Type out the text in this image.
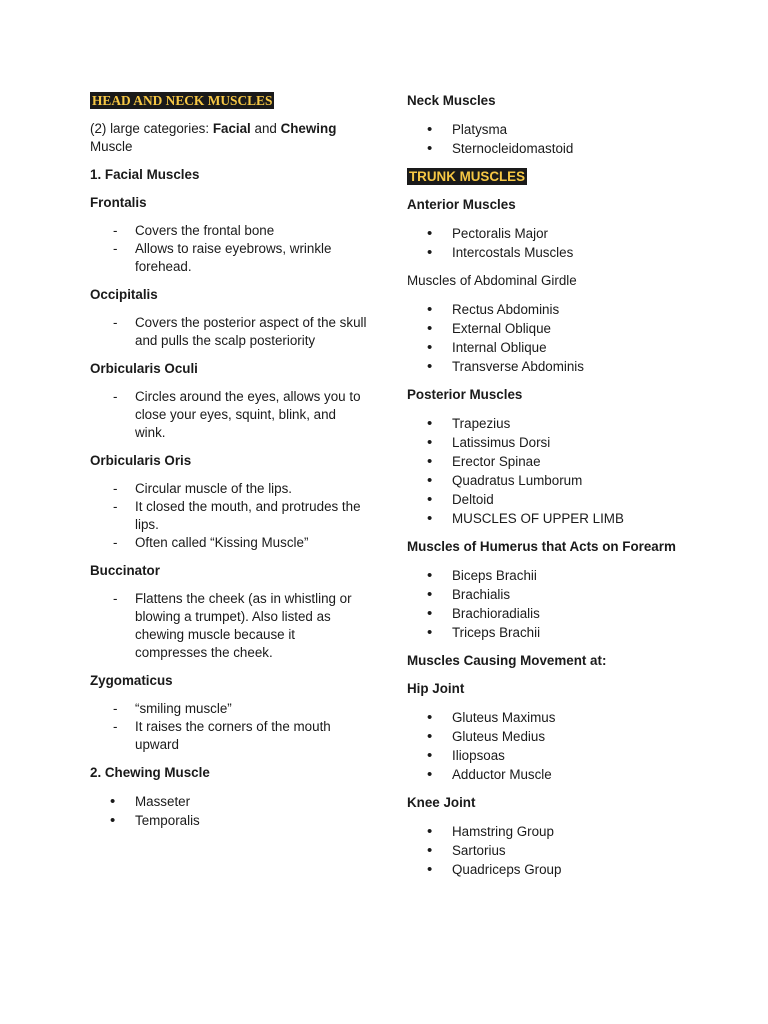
HEAD AND NECK MUSCLES
(2) large categories: Facial and Chewing
Muscle
1. Facial Muscles
Frontalis
- Covers the frontal bone
- Allows to raise eyebrows, wrinkle forehead.
Occipitalis
- Covers the posterior aspect of the skull and pulls the scalp posteriority
Orbicularis Oculi
- Circles around the eyes, allows you to close your eyes, squint, blink, and wink.
Orbicularis Oris
- Circular muscle of the lips.
- It closed the mouth, and protrudes the lips.
- Often called “Kissing Muscle”
Buccinator
- Flattens the cheek (as in whistling or blowing a trumpet). Also listed as chewing muscle because it compresses the cheek.
Zygomaticus
- “smiling muscle”
- It raises the corners of the mouth upward
2. Chewing Muscle
• Masseter
• Temporalis
Neck Muscles
• Platysma
• Sternocleidomastoid
TRUNK MUSCLES
Anterior Muscles
• Pectoralis Major
• Intercostals Muscles
Muscles of Abdominal Girdle
• Rectus Abdominis
• External Oblique
• Internal Oblique
• Transverse Abdominis
Posterior Muscles
• Trapezius
• Latissimus Dorsi
• Erector Spinae
• Quadratus Lumborum
• Deltoid
• MUSCLES OF UPPER LIMB
Muscles of Humerus that Acts on Forearm
• Biceps Brachii
• Brachialis
• Brachioradialis
• Triceps Brachii
Muscles Causing Movement at:
Hip Joint
• Gluteus Maximus
• Gluteus Medius
• Iliopsoas
• Adductor Muscle
Knee Joint
• Hamstring Group
• Sartorius
• Quadriceps Group
